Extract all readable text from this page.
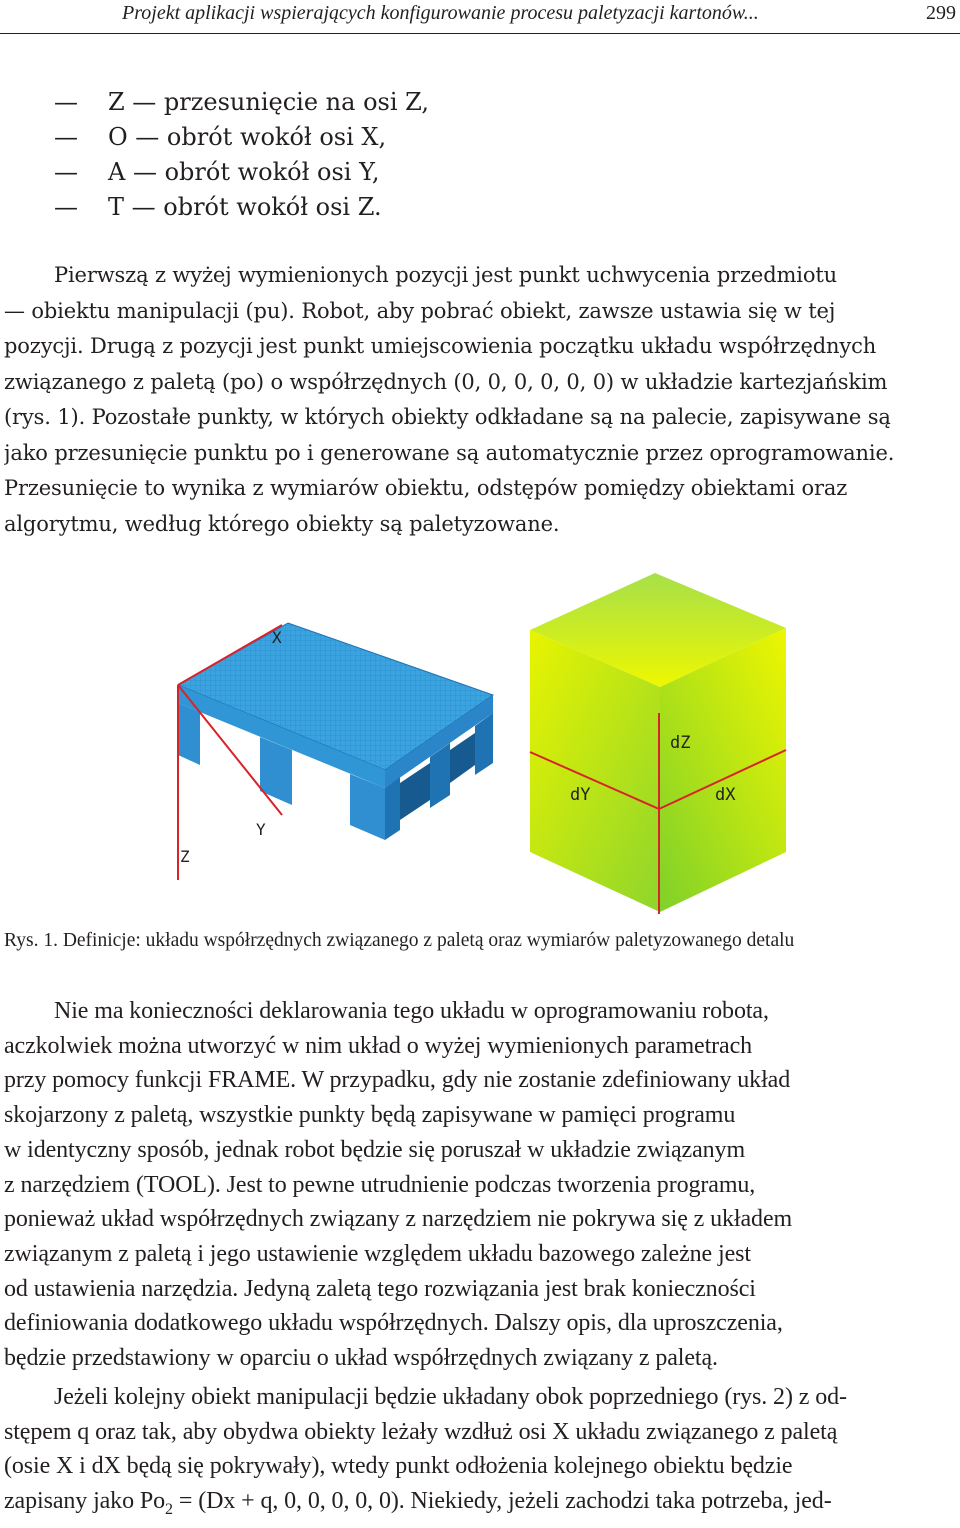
Projekt aplikacji wspierających konfigurowanie procesu paletyzacji kartonów...	299
— Z — przesunięcie na osi Z,
— O — obrót wokół osi X,
— A — obrót wokół osi Y,
— T — obrót wokół osi Z.
Pierwszą z wyżej wymienionych pozycji jest punkt uchwycenia przedmiotu
— obiektu manipulacji (pu). Robot, aby pobrać obiekt, zawsze ustawia się w tej
pozycji. Drugą z pozycji jest punkt umiejscowienia początku układu współrzędnych
związanego z paletą (po) o współrzędnych (0, 0, 0, 0, 0, 0) w układzie kartezjańskim
(rys. 1). Pozostałe punkty, w których obiekty odkładane są na palecie, zapisywane są
jako przesunięcie punktu po i generowane są automatycznie przez oprogramowanie.
Przesunięcie to wynika z wymiarów obiektu, odstępów pomiędzy obiektami oraz
algorytmu, według którego obiekty są paletyzowane.
X
Y
Z
dZ
dY	dX
Rys. 1. Definicje: układu współrzędnych związanego z paletą oraz wymiarów paletyzowanego detalu
Nie ma konieczności deklarowania tego układu w oprogramowaniu robota,
aczkolwiek można utworzyć w nim układ o wyżej wymienionych parametrach
przy pomocy funkcji FRAME. W przypadku, gdy nie zostanie zdefiniowany układ
skojarzony z paletą, wszystkie punkty będą zapisywane w pamięci programu
w identyczny sposób, jednak robot będzie się poruszał w układzie związanym
z narzędziem (TOOL). Jest to pewne utrudnienie podczas tworzenia programu,
ponieważ układ współrzędnych związany z narzędziem nie pokrywa się z układem
związanym z paletą i jego ustawienie względem układu bazowego zależne jest
od ustawienia narzędzia. Jedyną zaletą tego rozwiązania jest brak konieczności
definiowania dodatkowego układu współrzędnych. Dalszy opis, dla uproszczenia,
będzie przedstawiony w oparciu o układ współrzędnych związany z paletą.
Jeżeli kolejny obiekt manipulacji będzie układany obok poprzedniego (rys. 2) z od-
stępem q oraz tak, aby obydwa obiekty leżały wzdłuż osi X układu związanego z paletą
(osie X i dX będą się pokrywały), wtedy punkt odłożenia kolejnego obiektu będzie
zapisany jako $Po_2 = (Dx + q$, 0, 0, 0, 0, 0). Niekiedy, jeżeli zachodzi taka potrzeba, jed-
